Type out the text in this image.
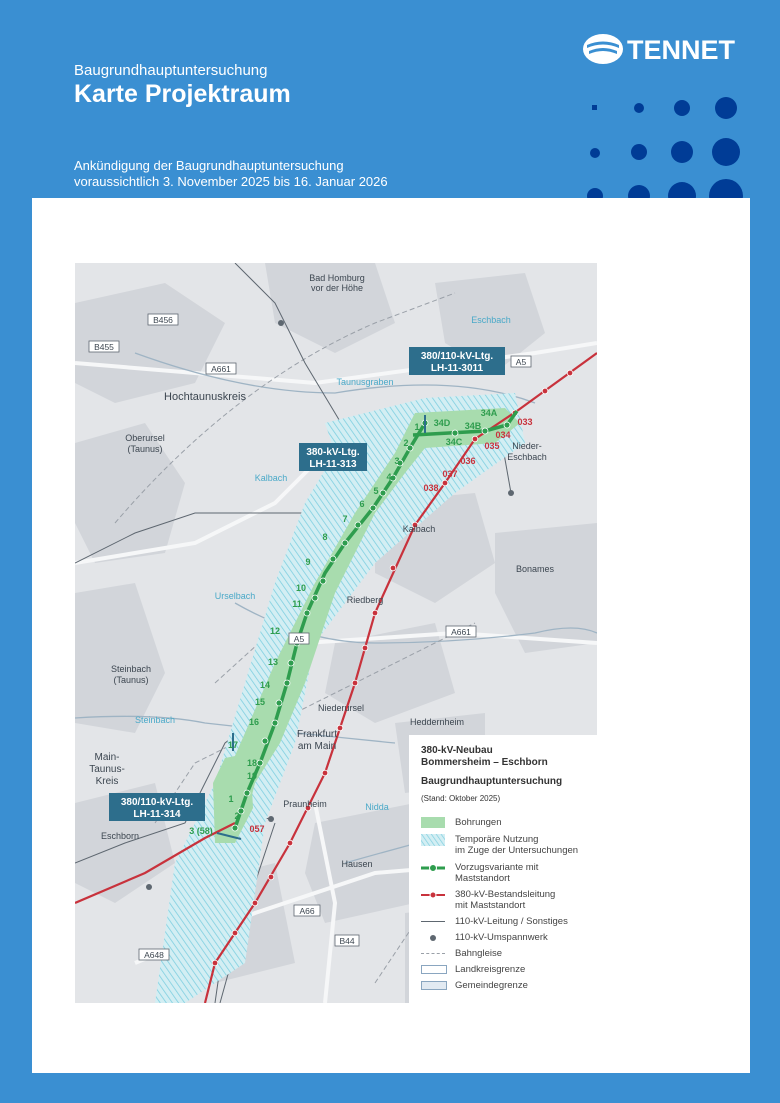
Baugrundhauptuntersuchung
Karte Projektraum
Ankündigung der Baugrundhauptuntersuchung
voraussichtlich 3. November 2025 bis 16. Januar 2026
TENNET
Bad Homburg
vor der Höhe
Eschbach
Hochtaunuskreis
Oberursel
(Taunus)
Taunusgraben
Kalbach
Nieder-
Eschbach
Kalbach
Bonames
Riedberg
Urselbach
Steinbach
(Taunus)
Steinbach
Niederursel
Heddernheim
Frankfurt
am Main
Main-
Taunus-
Kreis
Praunheim	Nidda
Eschborn
Hausen
B456
B455
A661
A5
A5
A661
A66
B44
A648
380/110-kV-Ltg.
LH-11-3011
380-kV-Ltg.
LH-11-313
380/110-kV-Ltg.
LH-11-314
1
2
3
4
5
6
7
8
9
10
11
12
13
14
15
16
17
18
19
2
1
3 (58)
34D
34A
34B
34C
033
034
035
036
037
038
057
380-kV-Neubau
Bommersheim – Eschborn
Baugrundhauptuntersuchung
(Stand: Oktober 2025)
Bohrungen
Temporäre Nutzung
im Zuge der Untersuchungen
Vorzugsvariante mit
Maststandort
380-kV-Bestandsleitung
mit Maststandort
110-kV-Leitung / Sonstiges
110-kV-Umspannwerk
Bahngleise
Landkreisgrenze
Gemeindegrenze
